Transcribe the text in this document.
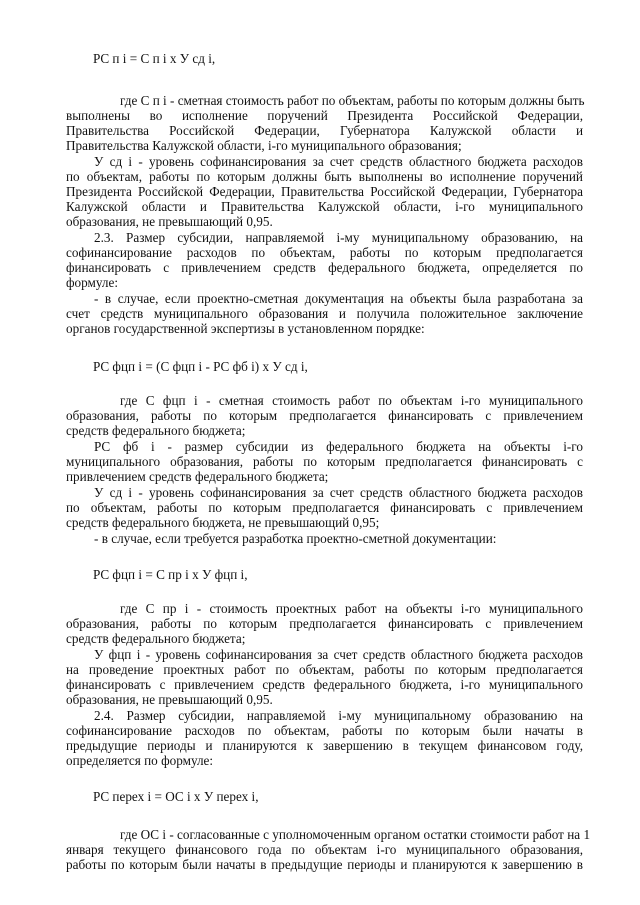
PC п i = С п i x У сд i,

где С п i - сметная стоимость работ по объектам, работы по которым должны быть

выполнены во исполнение поручений Президента Российской Федерации,

Правительства Российской Федерации, Губернатора Калужской области и

Правительства Калужской области, i-го муниципального образования;

У сд i - уровень софинансирования за счет средств областного бюджета расходов

по объектам, работы по которым должны быть выполнены во исполнение поручений

Президента Российской Федерации, Правительства Российской Федерации, Губернатора

Калужской области и Правительства Калужской области, i-го муниципального

образования, не превышающий 0,95.

2.3. Размер субсидии, направляемой i-му муниципальному образованию, на

софинансирование расходов по объектам, работы по которым предполагается

финансировать с привлечением средств федерального бюджета, определяется по

формуле:

- в случае, если проектно-сметная документация на объекты была разработана за

счет средств муниципального образования и получила положительное заключение

органов государственной экспертизы в установленном порядке:

PC фцп i = (С фцп i - PC фб i) x У сд i,

где С фцп i - сметная стоимость работ по объектам i-го муниципального

образования, работы по которым предполагается финансировать с привлечением

средств федерального бюджета;

PC фб i - размер субсидии из федерального бюджета на объекты i-го

муниципального образования, работы по которым предполагается финансировать с

привлечением средств федерального бюджета;

У сд i - уровень софинансирования за счет средств областного бюджета расходов

по объектам, работы по которым предполагается финансировать с привлечением

средств федерального бюджета, не превышающий 0,95;

- в случае, если требуется разработка проектно-сметной документации:

PC фцп i = С пр i x У фцп i,

где С пр i - стоимость проектных работ на объекты i-го муниципального

образования, работы по которым предполагается финансировать с привлечением

средств федерального бюджета;

У фцп i - уровень софинансирования за счет средств областного бюджета расходов

на проведение проектных работ по объектам, работы по которым предполагается

финансировать с привлечением средств федерального бюджета, i-го муниципального

образования, не превышающий 0,95.

2.4. Размер субсидии, направляемой i-му муниципальному образованию на

софинансирование расходов по объектам, работы по которым были начаты в

предыдущие периоды и планируются к завершению в текущем финансовом году,

определяется по формуле:

PC перех i = ОС i x У перех i,

где ОС i - согласованные с уполномоченным органом остатки стоимости работ на 1

января текущего финансового года по объектам i-го муниципального образования,

работы по которым были начаты в предыдущие периоды и планируются к завершению в
